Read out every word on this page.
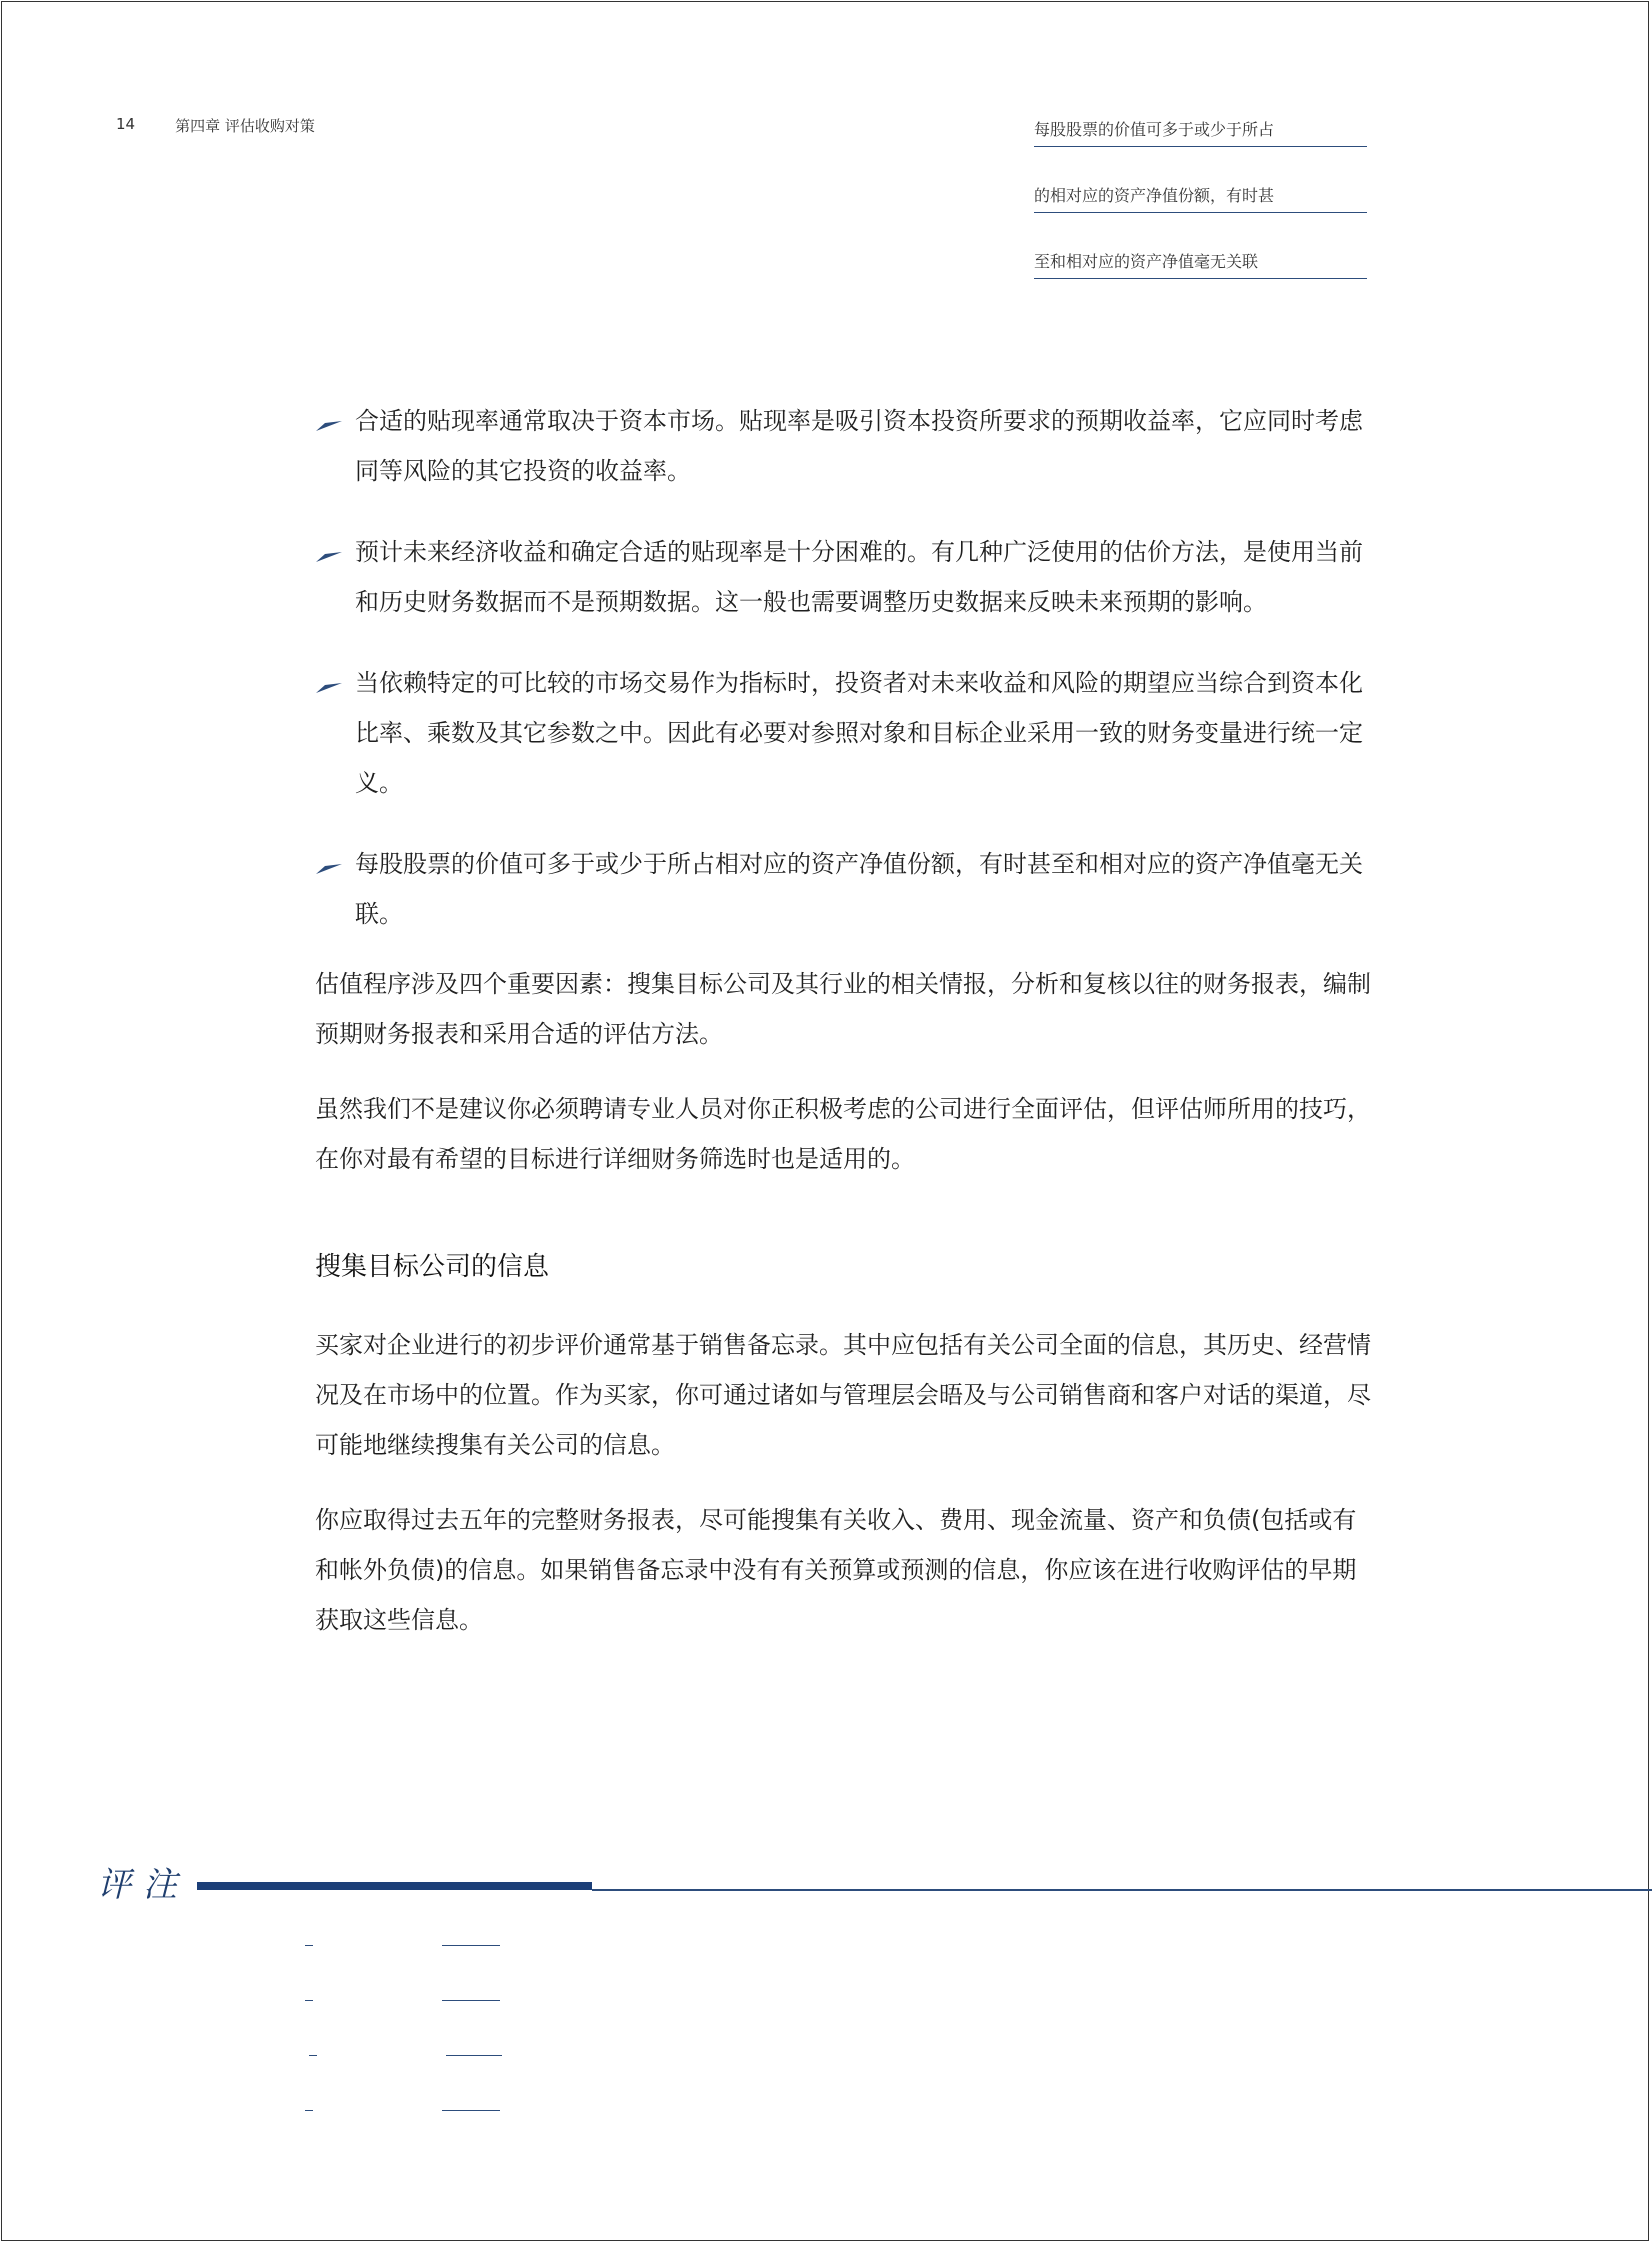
14	第四章 评估收购对策	每股股票的价值可多于或少于所占
的相对应的资产净值份额，有时甚
至和相对应的资产净值毫无关联
合适的贴现率通常取决于资本市场。贴现率是吸引资本投资所要求的预期收益率，它应同时考虑同等风险的其它投资的收益率。
预计未来经济收益和确定合适的贴现率是十分困难的。有几种广泛使用的估价方法，是使用当前和历史财务数据而不是预期数据。这一般也需要调整历史数据来反映未来预期的影响。
当依赖特定的可比较的市场交易作为指标时，投资者对未来收益和风险的期望应当综合到资本化比率、乘数及其它参数之中。因此有必要对参照对象和目标企业采用一致的财务变量进行统一定义。
每股股票的价值可多于或少于所占相对应的资产净值份额，有时甚至和相对应的资产净值毫无关联。

估值程序涉及四个重要因素：搜集目标公司及其行业的相关情报，分析和复核以往的财务报表，编制预期财务报表和采用合适的评估方法。

虽然我们不是建议你必须聘请专业人员对你正积极考虑的公司进行全面评估，但评估师所用的技巧，在你对最有希望的目标进行详细财务筛选时也是适用的。

搜集目标公司的信息

买家对企业进行的初步评价通常基于销售备忘录。其中应包括有关公司全面的信息，其历史、经营情况及在市场中的位置。作为买家，你可通过诸如与管理层会晤及与公司销售商和客户对话的渠道，尽可能地继续搜集有关公司的信息。

你应取得过去五年的完整财务报表，尽可能搜集有关收入、费用、现金流量、资产和负债(包括或有和帐外负债)的信息。如果销售备忘录中没有有关预算或预测的信息，你应该在进行收购评估的早期获取这些信息。

评注
